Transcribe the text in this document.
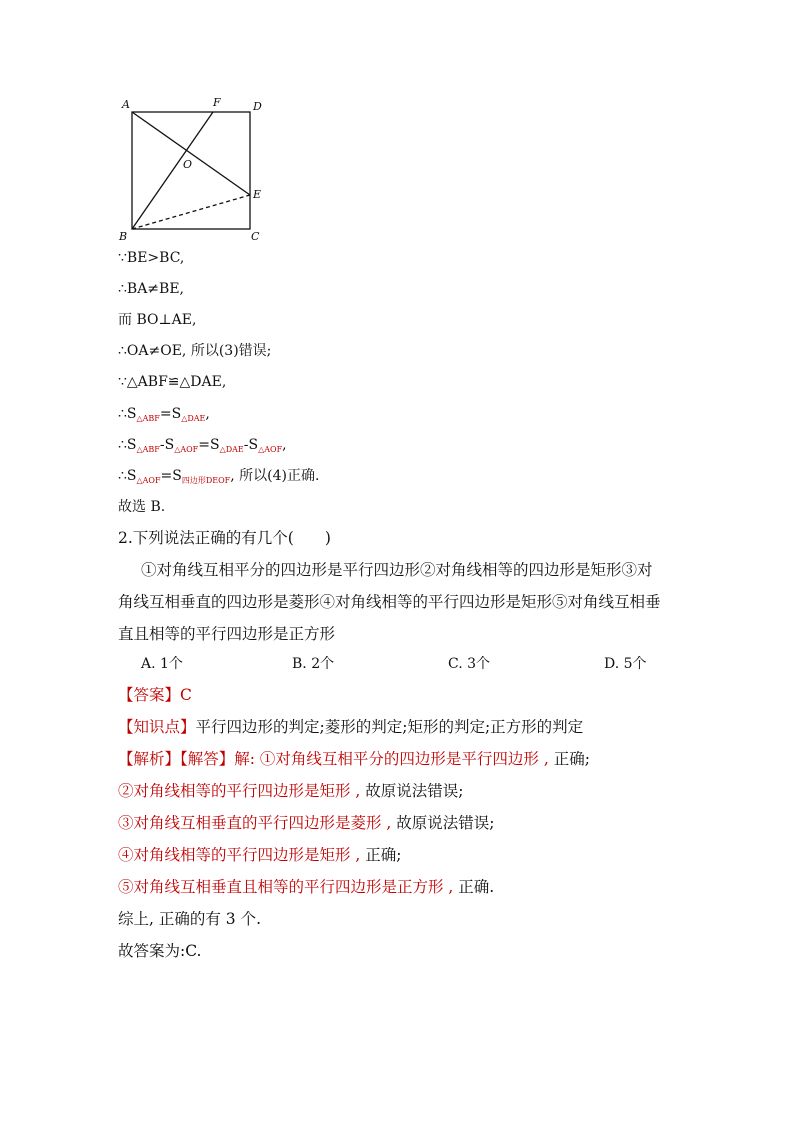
A	F	D
O
E
B	C
∵BE>BC,
∴BA≠BE,
而 BO⊥AE,
∴OA≠OE, 所以(3)错误;
∵△ABF≌△DAE,
$\therefore S_{\triangle ABF}=S_{\triangle DAE}$,
$\therefore S_{\triangle ABF}-S_{\triangle AOF}=S_{\triangle DAE}-S_{\triangle AOF}$,
$\therefore S_{\triangle AOF}=S_{四边形DEOF}$, 所以(4)正确.
故选 B.
2.下列说法正确的有几个(　　)
①对角线互相平分的四边形是平行四边形②对角线相等的四边形是矩形③对
角线互相垂直的四边形是菱形④对角线相等的平行四边形是矩形⑤对角线互相垂
直且相等的平行四边形是正方形
A. 1个	B. 2个	C. 3个	D. 5个
【答案】C
【知识点】平行四边形的判定;菱形的判定;矩形的判定;正方形的判定
【解析】【解答】解: ①对角线互相平分的四边形是平行四边形 , 正确;
②对角线相等的平行四边形是矩形 , 故原说法错误;
③对角线互相垂直的平行四边形是菱形 , 故原说法错误;
④对角线相等的平行四边形是矩形 , 正确;
⑤对角线互相垂直且相等的平行四边形是正方形 , 正确.
综上, 正确的有 3 个.
故答案为:C.
